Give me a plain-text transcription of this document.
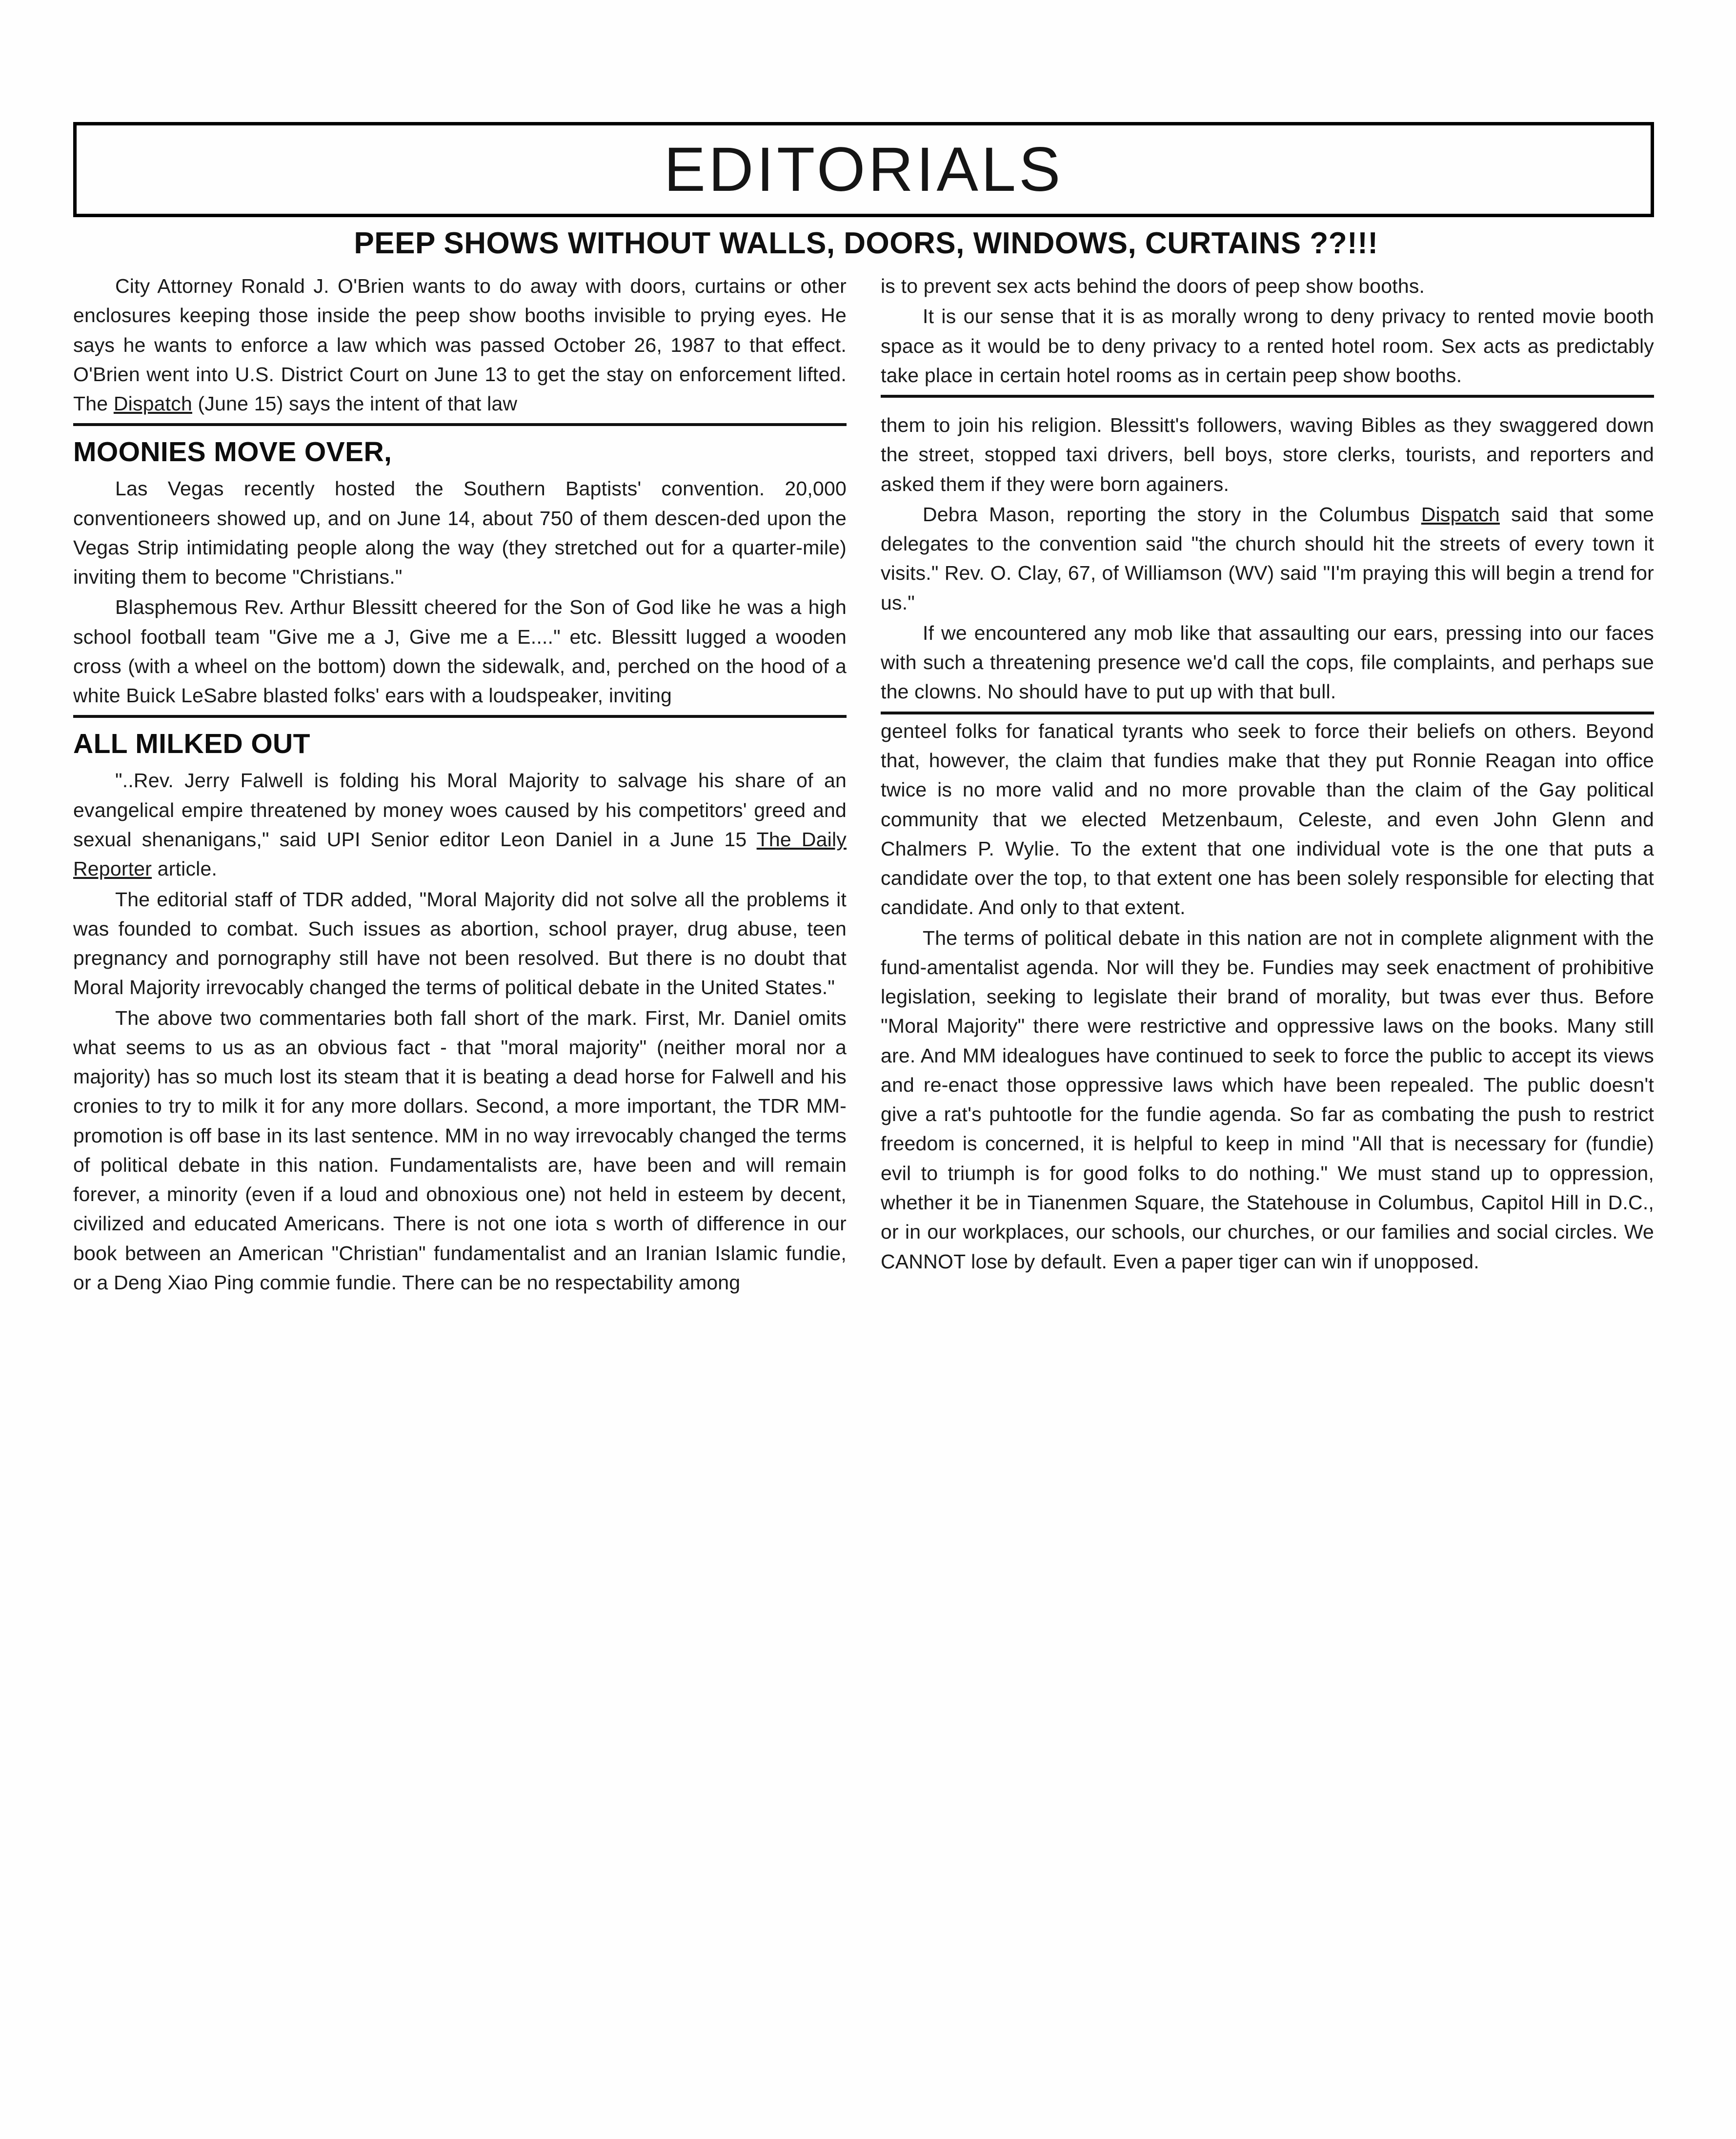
EDITORIALS
PEEP SHOWS WITHOUT WALLS, DOORS, WINDOWS, CURTAINS ??!!!

City Attorney Ronald J. O'Brien wants to do away with doors, curtains or other enclosures keeping those inside the peep show booths invisible to prying eyes. He says he wants to enforce a law which was passed October 26, 1987 to that effect. O'Brien went into U.S. District Court on June 13 to get the stay on enforcement lifted. The Dispatch (June 15) says the intent of that law

MOONIES MOVE OVER,

Las Vegas recently hosted the Southern Baptists' convention. 20,000 conventioneers showed up, and on June 14, about 750 of them descen-ded upon the Vegas Strip intimidating people along the way (they stretched out for a quarter-mile) inviting them to become "Christians."

Blasphemous Rev. Arthur Blessitt cheered for the Son of God like he was a high school football team "Give me a J, Give me a E...." etc. Blessitt lugged a wooden cross (with a wheel on the bottom) down the sidewalk, and, perched on the hood of a white Buick LeSabre blasted folks' ears with a loudspeaker, inviting

ALL MILKED OUT

"..Rev. Jerry Falwell is folding his Moral Majority to salvage his share of an evangelical empire threatened by money woes caused by his competitors' greed and sexual shenanigans," said UPI Senior editor Leon Daniel in a June 15 The Daily Reporter article.

The editorial staff of TDR added, "Moral Majority did not solve all the problems it was founded to combat. Such issues as abortion, school prayer, drug abuse, teen pregnancy and pornography still have not been resolved. But there is no doubt that Moral Majority irrevocably changed the terms of political debate in the United States."

The above two commentaries both fall short of the mark. First, Mr. Daniel omits what seems to us as an obvious fact - that "moral majority" (neither moral nor a majority) has so much lost its steam that it is beating a dead horse for Falwell and his cronies to try to milk it for any more dollars. Second, a more important, the TDR MM-promotion is off base in its last sentence. MM in no way irrevocably changed the terms of political debate in this nation. Fundamentalists are, have been and will remain forever, a minority (even if a loud and obnoxious one) not held in esteem by decent, civilized and educated Americans. There is not one iota s worth of difference in our book between an American "Christian" fundamentalist and an Iranian Islamic fundie, or a Deng Xiao Ping commie fundie. There can be no respectability among

is to prevent sex acts behind the doors of peep show booths.

It is our sense that it is as morally wrong to deny privacy to rented movie booth space as it would be to deny privacy to a rented hotel room. Sex acts as predictably take place in certain hotel rooms as in certain peep show booths.

them to join his religion. Blessitt's followers, waving Bibles as they swaggered down the street, stopped taxi drivers, bell boys, store clerks, tourists, and reporters and asked them if they were born againers.

Debra Mason, reporting the story in the Columbus Dispatch said that some delegates to the convention said "the church should hit the streets of every town it visits." Rev. O. Clay, 67, of Williamson (WV) said "I'm praying this will begin a trend for us."

If we encountered any mob like that assaulting our ears, pressing into our faces with such a threatening presence we'd call the cops, file complaints, and perhaps sue the clowns. No should have to put up with that bull.

genteel folks for fanatical tyrants who seek to force their beliefs on others. Beyond that, however, the claim that fundies make that they put Ronnie Reagan into office twice is no more valid and no more provable than the claim of the Gay political community that we elected Metzenbaum, Celeste, and even John Glenn and Chalmers P. Wylie. To the extent that one individual vote is the one that puts a candidate over the top, to that extent one has been solely responsible for electing that candidate. And only to that extent.

The terms of political debate in this nation are not in complete alignment with the fund-amentalist agenda. Nor will they be. Fundies may seek enactment of prohibitive legislation, seeking to legislate their brand of morality, but twas ever thus. Before "Moral Majority" there were restrictive and oppressive laws on the books. Many still are. And MM idealogues have continued to seek to force the public to accept its views and re-enact those oppressive laws which have been repealed. The public doesn't give a rat's puhtootle for the fundie agenda. So far as combating the push to restrict freedom is concerned, it is helpful to keep in mind "All that is necessary for (fundie) evil to triumph is for good folks to do nothing." We must stand up to oppression, whether it be in Tianenmen Square, the Statehouse in Columbus, Capitol Hill in D.C., or in our workplaces, our schools, our churches, or our families and social circles. We CANNOT lose by default. Even a paper tiger can win if unopposed.
